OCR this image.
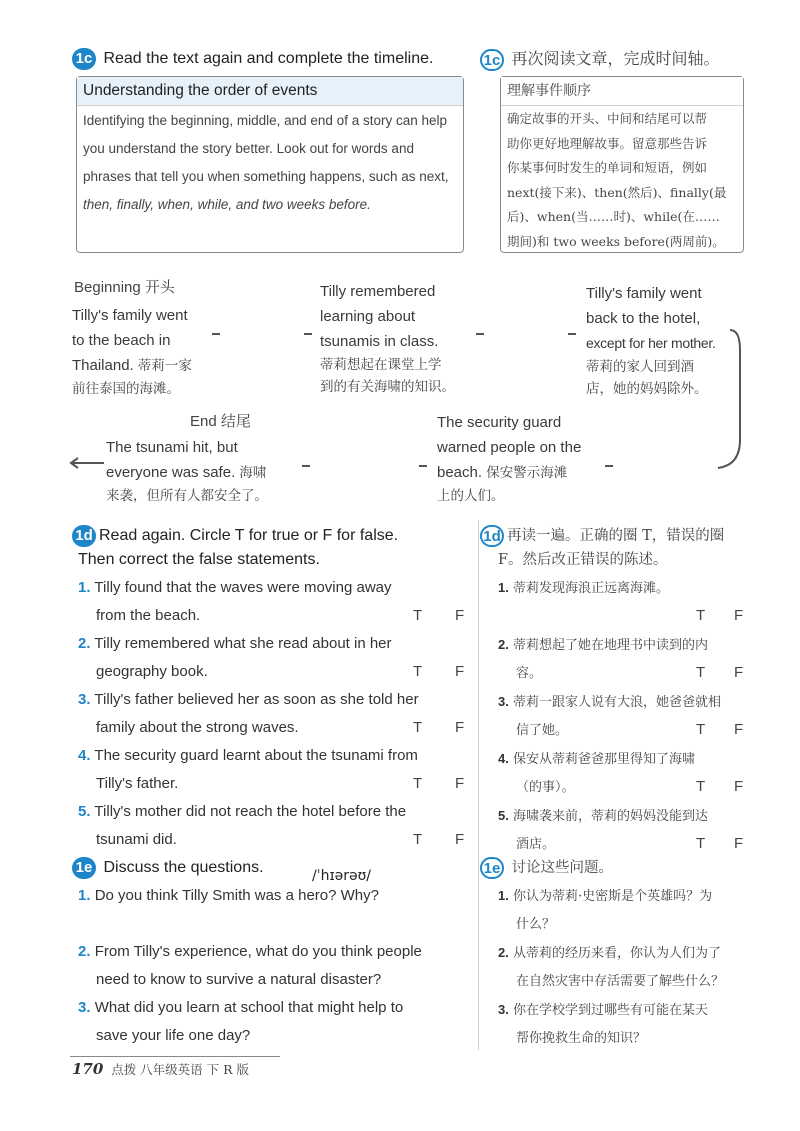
1c Read the text again and complete the timeline.
Understanding the order of events
Identifying the beginning, middle, and end of a story can help
you understand the story better. Look out for words and
phrases that tell you when something happens, such as next,
then, finally, when, while, and two weeks before.
1c 再次阅读文章，完成时间轴。
理解事件顺序
确定故事的开头、中间和结尾可以帮
助你更好地理解故事。留意那些告诉
你某事何时发生的单词和短语，例如
next(接下来)、then(然后)、finally(最
后)、when(当……时)、while(在……
期间)和 two weeks before(两周前)。
Beginning 开头
Tilly's family went
to the beach in
Thailand. 蒂莉一家
前往泰国的海滩。
Tilly remembered
learning about
tsunamis in class.
蒂莉想起在课堂上学
到的有关海啸的知识。
Tilly's family went
back to the hotel,
except for her mother.
蒂莉的家人回到酒
店，她的妈妈除外。
The security guard
warned people on the
beach. 保安警示海滩
上的人们。
End 结尾
The tsunami hit, but
everyone was safe. 海啸
来袭，但所有人都安全了。
1d Read again. Circle T for true or F for false.
Then correct the false statements.
1. Tilly found that the waves were moving away
from the beach.	T F
2. Tilly remembered what she read about in her
geography book.	T F
3. Tilly's father believed her as soon as she told her
family about the strong waves.	T F
4. The security guard learnt about the tsunami from
Tilly's father.	T F
5. Tilly's mother did not reach the hotel before the
tsunami did.	T F
1d 再读一遍。正确的圈 T，错误的圈
F。然后改正错误的陈述。
1. 蒂莉发现海浪正远离海滩。
T F
2. 蒂莉想起了她在地理书中读到的内
容。	T F
3. 蒂莉一跟家人说有大浪，她爸爸就相
信了她。	T F
4. 保安从蒂莉爸爸那里得知了海啸
（的事）。	T F
5. 海啸袭来前，蒂莉的妈妈没能到达
酒店。	T F
1e Discuss the questions.	/ˈhɪərəʊ/
1. Do you think Tilly Smith was a hero? Why?
2. From Tilly's experience, what do you think people
need to know to survive a natural disaster?
3. What did you learn at school that might help to
save your life one day?
1e 讨论这些问题。
1. 你认为蒂莉·史密斯是个英雄吗？为
什么？
2. 从蒂莉的经历来看，你认为人们为了
在自然灾害中存活需要了解些什么？
3. 你在学校学到过哪些有可能在某天
帮你挽救生命的知识？
170 点拨 八年级英语 下 R 版
